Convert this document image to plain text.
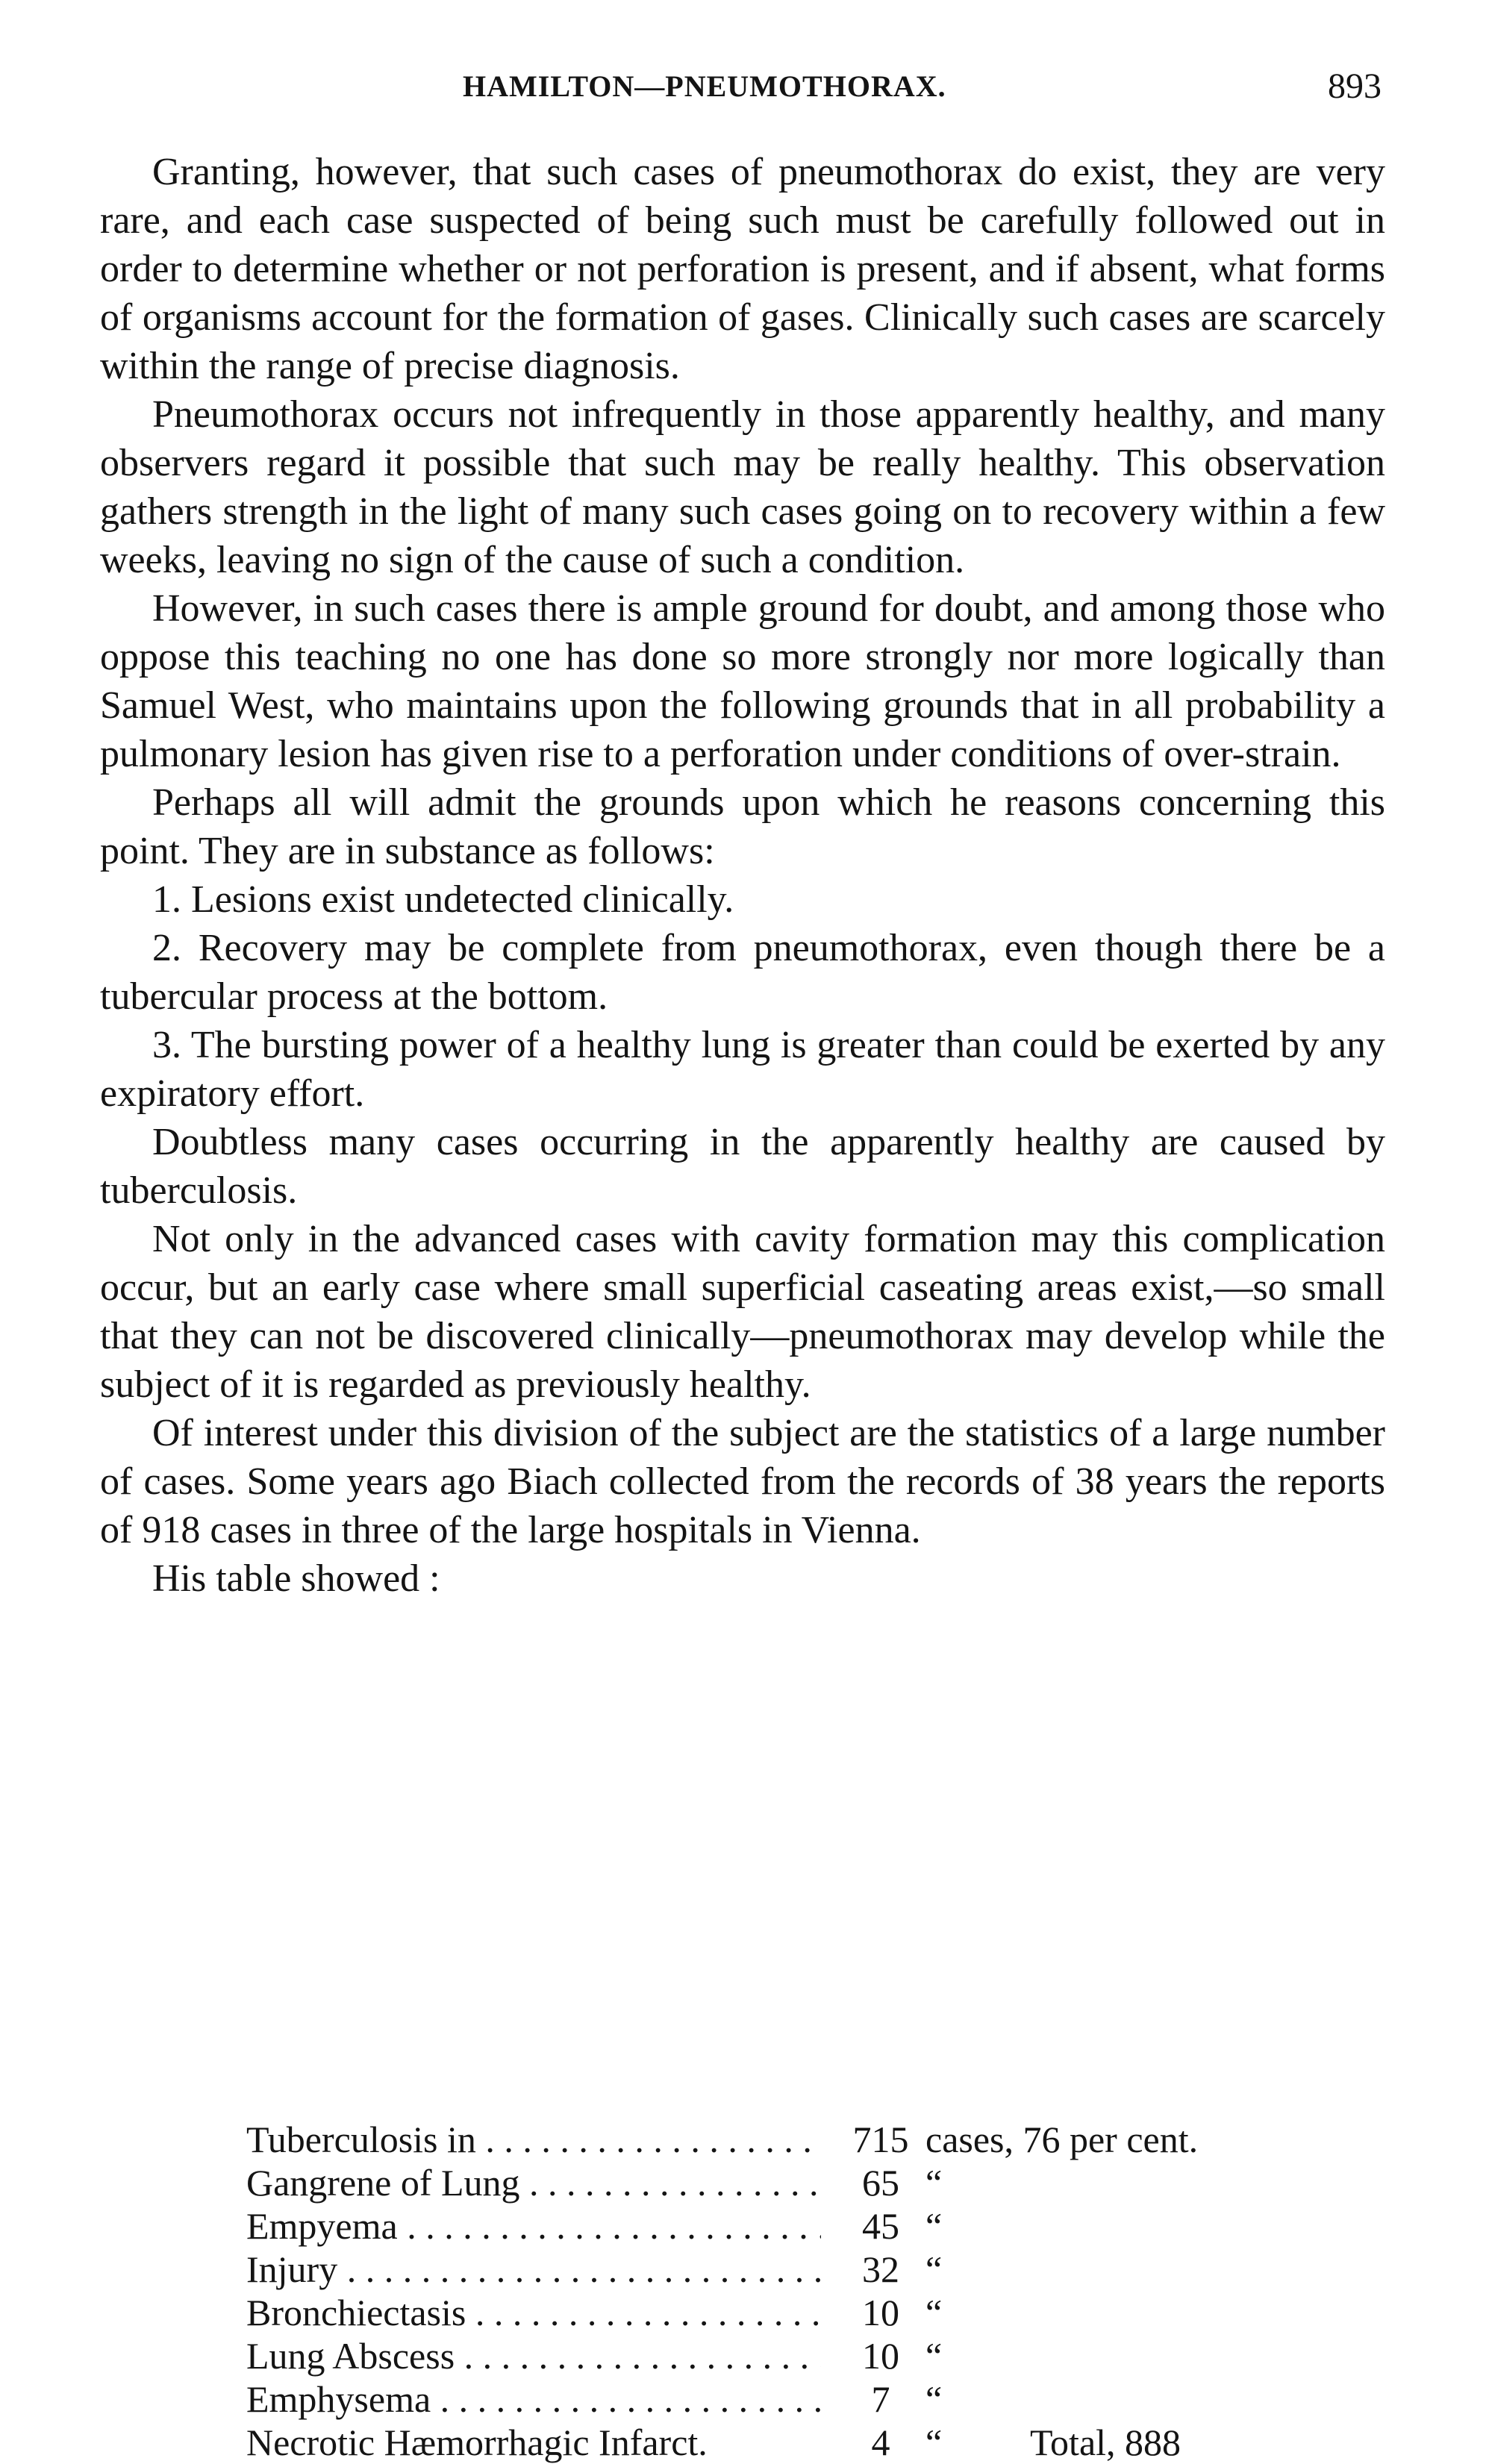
HAMILTON—PNEUMOTHORAX.	893

Granting, however, that such cases of pneumothorax do exist, they are very rare, and each case suspected of being such must be carefully followed out in order to determine whether or not perforation is present, and if absent, what forms of organisms account for the formation of gases. Clinically such cases are scarcely within the range of precise diagnosis.

Pneumothorax occurs not infrequently in those apparently healthy, and many observers regard it possible that such may be really healthy. This observation gathers strength in the light of many such cases going on to recovery within a few weeks, leaving no sign of the cause of such a condition.

However, in such cases there is ample ground for doubt, and among those who oppose this teaching no one has done so more strongly nor more logically than Samuel West, who maintains upon the following grounds that in all probability a pulmonary lesion has given rise to a perforation under conditions of over-strain.

Perhaps all will admit the grounds upon which he reasons concerning this point. They are in substance as follows:

1. Lesions exist undetected clinically.

2. Recovery may be complete from pneumothorax, even though there be a tubercular process at the bottom.

3. The bursting power of a healthy lung is greater than could be exerted by any expiratory effort.

Doubtless many cases occurring in the apparently healthy are caused by tuberculosis.

Not only in the advanced cases with cavity formation may this complication occur, but an early case where small superficial caseating areas exist,—so small that they can not be discovered clinically—pneumothorax may develop while the subject of it is regarded as previously healthy.

Of interest under this division of the subject are the statistics of a large number of cases. Some years ago Biach collected from the records of 38 years the reports of 918 cases in three of the large hospitals in Vienna.

His table showed :

Tuberculosis in . . .	715 cases, 76 per cent.
Gangrene of Lung . . .	65 “
Empyema . . .	45 “
Injury . . .	32 “
Bronchiectasis . . .	10 “
Lung Abscess . . .	10 “
Emphysema . . .	7 “
Necrotic Hæmorrhagic Infarct.	4 “ Total, 888
